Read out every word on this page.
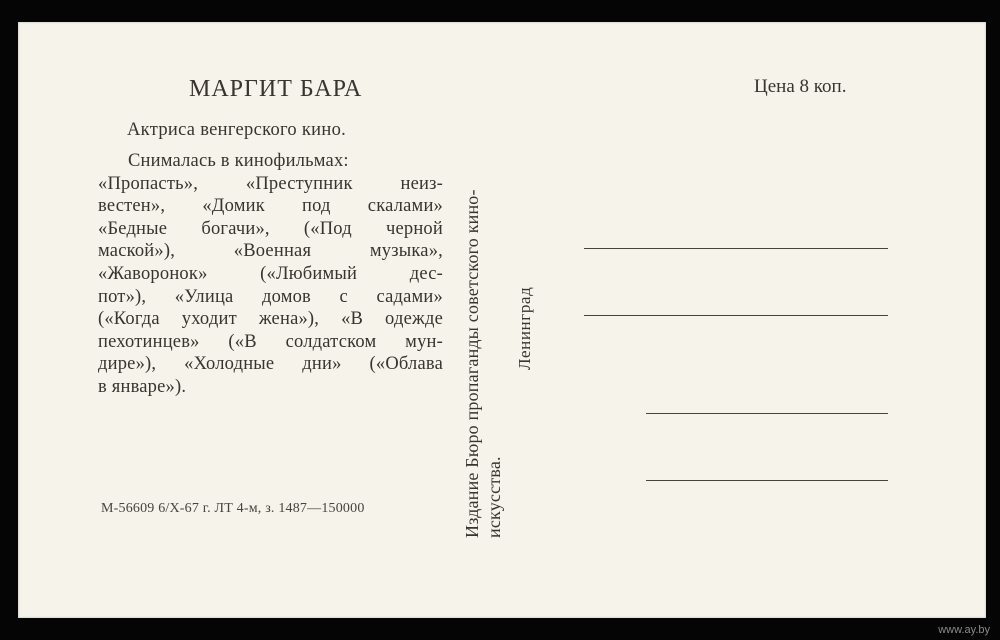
МАРГИТ БАРА
Актриса венгерского кино.

Снималась в кинофильмах:
«Пропасть», «Преступник неиз-
вестен», «Домик под скалами»
«Бедные богачи», («Под черной
маской»), «Военная музыка»,
«Жаворонок» («Любимый дес-
пот»), «Улица домов с садами»
(«Когда уходит жена»), «В одежде
пехотинцев» («В солдатском мун-
дире»), «Холодные дни» («Облава
в январе»).

М-56609 6/Х-67 г. ЛТ 4-м, з. 1487—150000	Издание Бюро пропаганды советского кино- искусства.
Ленинград
Цена 8 коп.
www.ay.by
